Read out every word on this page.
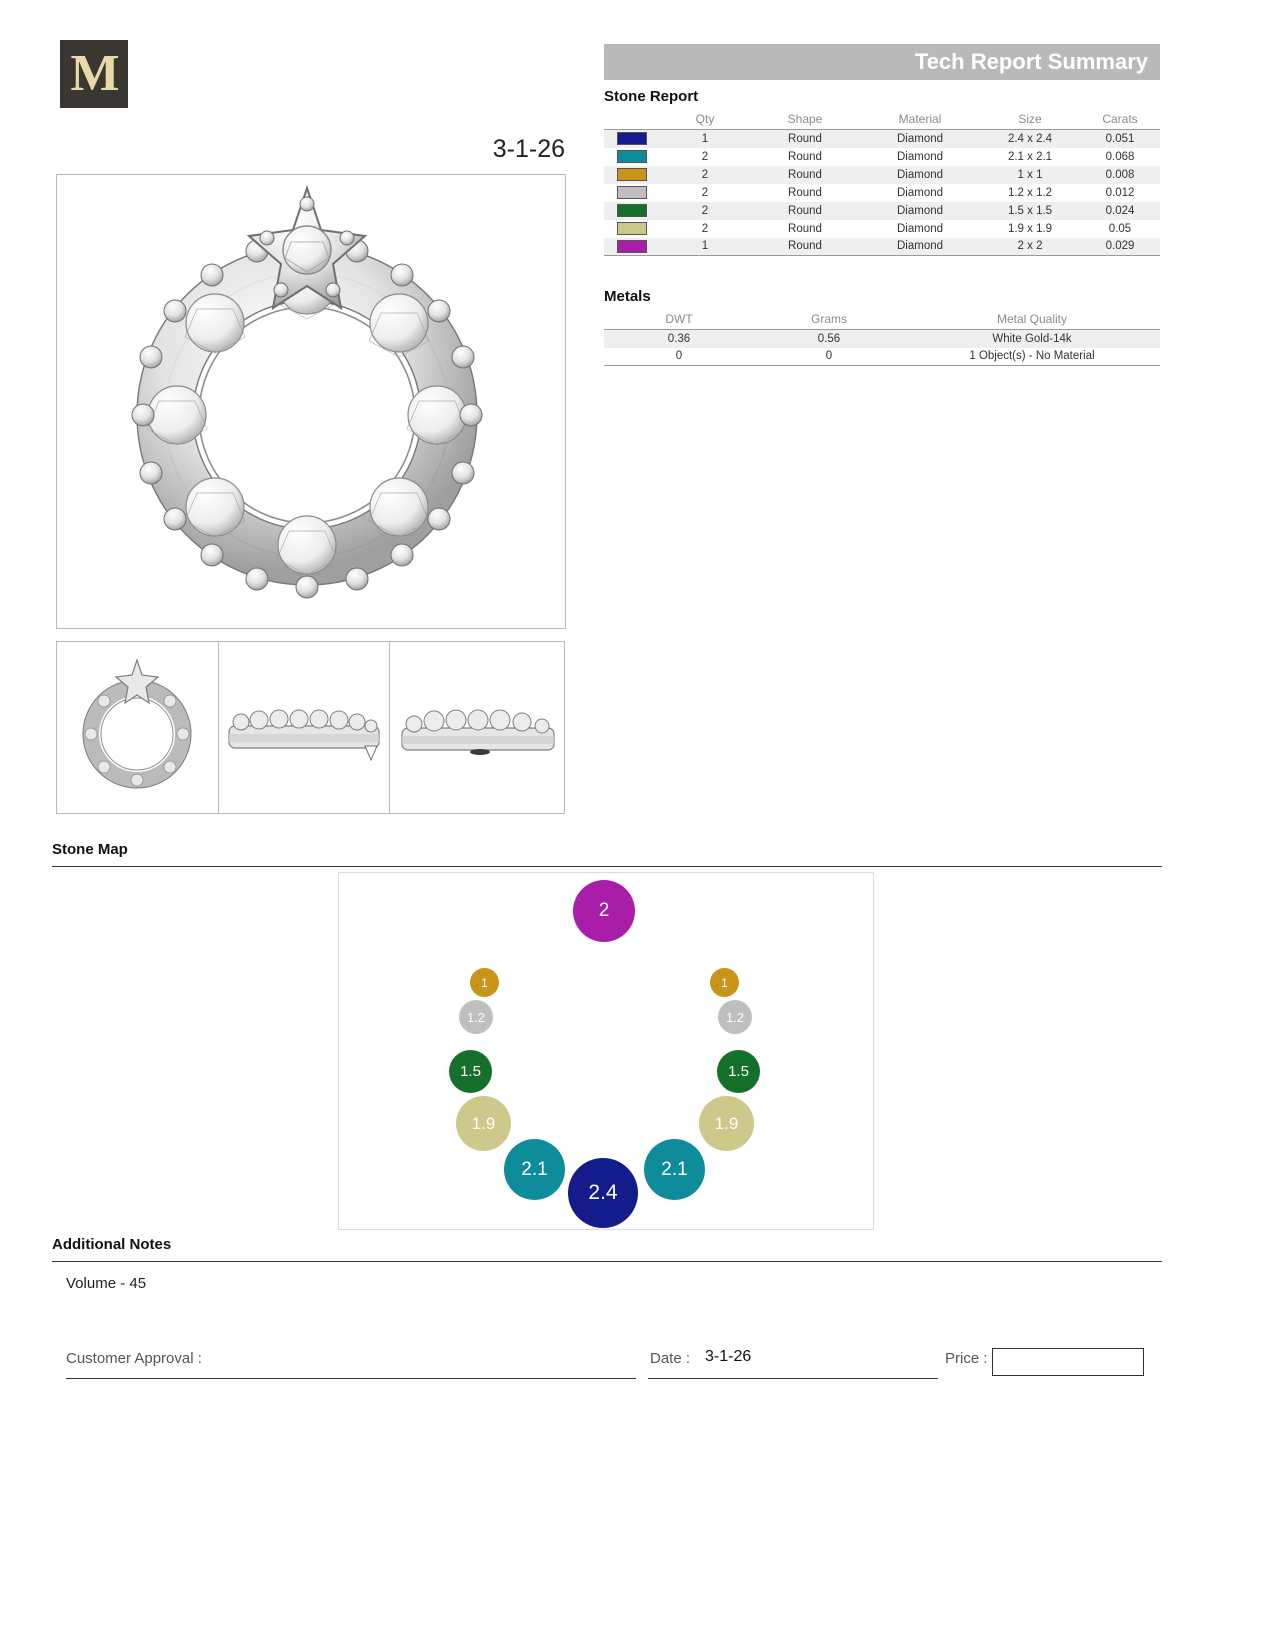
M
3-1-26
Tech Report Summary
Stone Report
	Qty	Shape	Material	Size	Carats
	1	Round	Diamond	2.4 x 2.4	0.051
	2	Round	Diamond	2.1 x 2.1	0.068
	2	Round	Diamond	1 x 1	0.008
	2	Round	Diamond	1.2 x 1.2	0.012
	2	Round	Diamond	1.5 x 1.5	0.024
	2	Round	Diamond	1.9 x 1.9	0.05
	1	Round	Diamond	2 x 2	0.029
Metals
DWT	Grams	Metal Quality
0.36	0.56	White Gold-14k
0	0	1 Object(s) - No Material
Stone Map
2
1	1
1.2	1.2
1.5	1.5
1.9	1.9
2.1	2.1
2.4
Additional Notes
Volume - 45
Customer Approval :	Date : 3-1-26	Price :
